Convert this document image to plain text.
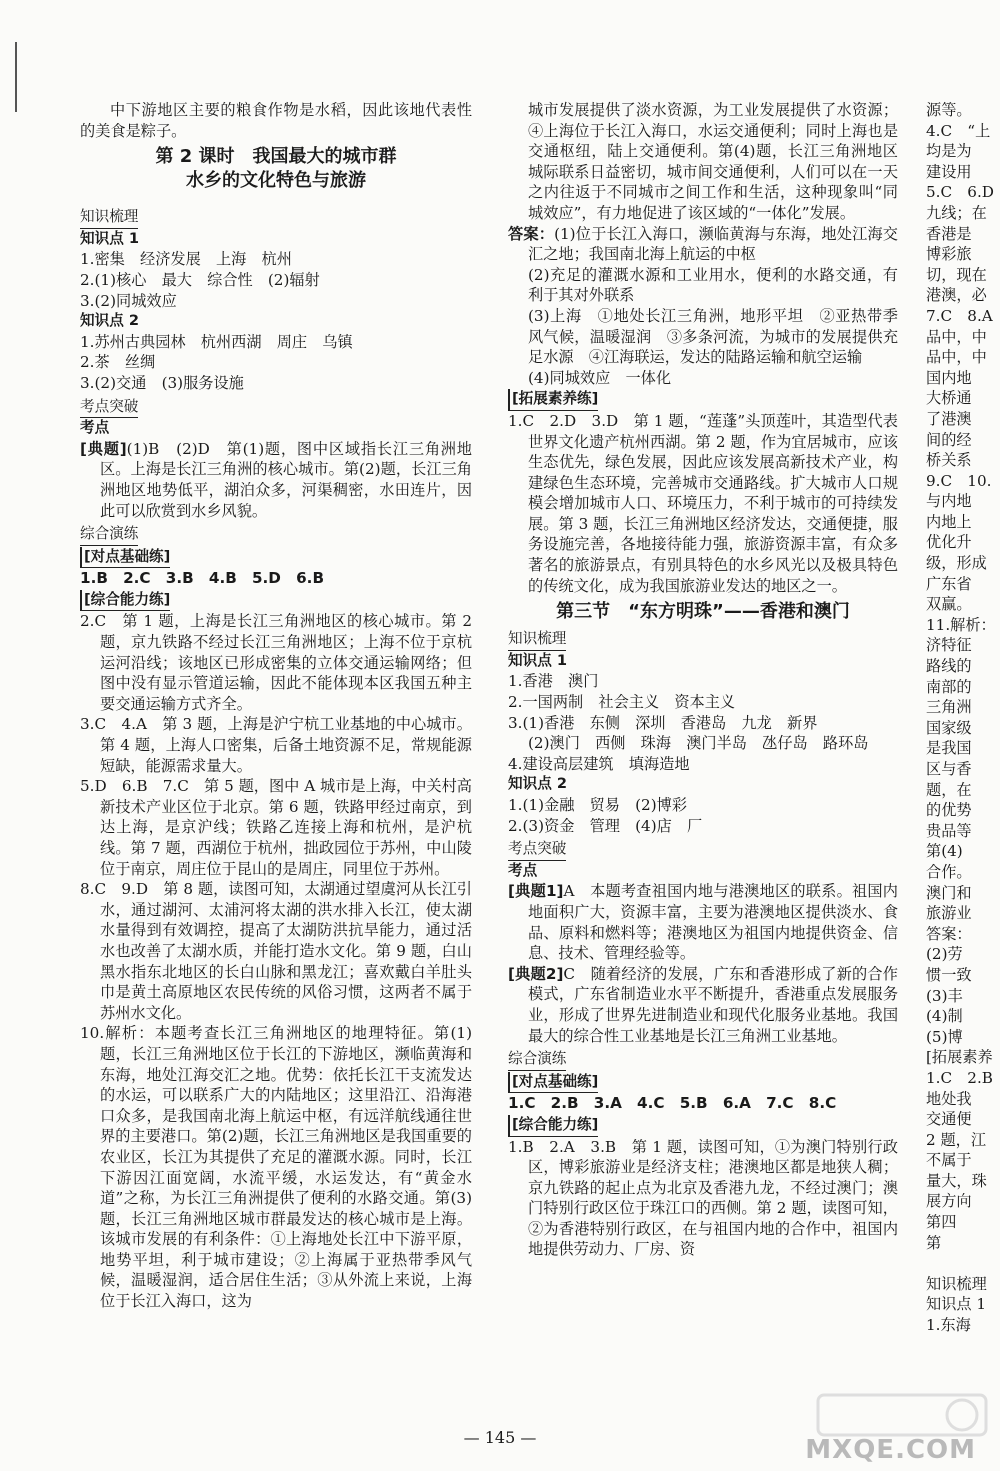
中下游地区主要的粮食作物是水稻，因此该地代表性的美食是粽子。

第 2 课时　我国最大的城市群
水乡的文化特色与旅游
知识梳理
知识点 1
1.密集　经济发展　上海　杭州
2.(1)核心　最大　综合性　(2)辐射
3.(2)同城效应
知识点 2
1.苏州古典园林　杭州西湖　周庄　乌镇
2.茶　丝绸
3.(2)交通　(3)服务设施
考点突破
考点

[典题](1)B　(2)D　第(1)题，图中区域指长江三角洲地区。上海是长江三角洲的核心城市。第(2)题，长江三角洲地区地势低平，湖泊众多，河渠稠密，水田连片，因此可以欣赏到水乡风貌。

综合演练
[对点基础练]
1.B　2.C　3.B　4.B　5.D　6.B
[综合能力练]

2.C　第 1 题，上海是长江三角洲地区的核心城市。第 2 题，京九铁路不经过长江三角洲地区；上海不位于京杭运河沿线；该地区已形成密集的立体交通运输网络；但图中没有显示管道运输，因此不能体现本区我国五种主要交通运输方式齐全。

3.C　4.A　第 3 题，上海是沪宁杭工业基地的中心城市。第 4 题，上海人口密集，后备土地资源不足，常规能源短缺，能源需求量大。

5.D　6.B　7.C　第 5 题，图中 A 城市是上海，中关村高新技术产业区位于北京。第 6 题，铁路甲经过南京，到达上海，是京沪线；铁路乙连接上海和杭州，是沪杭线。第 7 题，西湖位于杭州，拙政园位于苏州，中山陵位于南京，周庄位于昆山的是周庄，同里位于苏州。

8.C　9.D　第 8 题，读图可知，太湖通过望虞河从长江引水，通过湖河、太浦河将太湖的洪水排入长江，使太湖水量得到有效调控，提高了太湖防洪抗旱能力，通过活水也改善了太湖水质，并能打造水文化。第 9 题，白山黑水指东北地区的长白山脉和黑龙江；喜欢戴白羊肚头巾是黄土高原地区农民传统的风俗习惯，这两者不属于苏州水文化。

10.解析：本题考查长江三角洲地区的地理特征。第(1)题，长江三角洲地区位于长江的下游地区，濒临黄海和东海，地处江海交汇之地。优势：依托长江干支流发达的水运，可以联系广大的内陆地区；这里沿江、沿海港口众多，是我国南北海上航运中枢，有远洋航线通往世界的主要港口。第(2)题，长江三角洲地区是我国重要的农业区，长江为其提供了充足的灌溉水源。同时，长江下游因江面宽阔，水流平缓，水运发达，有“黄金水道”之称，为长江三角洲提供了便利的水路交通。第(3)题，长江三角洲地区城市群最发达的核心城市是上海。该城市发展的有利条件：①上海地处长江中下游平原，地势平坦，利于城市建设；②上海属于亚热带季风气候，温暖湿润，适合居住生活；③从外流上来说，上海位于长江入海口，这为

城市发展提供了淡水资源，为工业发展提供了水资源；④上海位于长江入海口，水运交通便利；同时上海也是交通枢纽，陆上交通便利。第(4)题，长江三角洲地区城际联系日益密切，城市间交通便利，人们可以在一天之内往返于不同城市之间工作和生活，这种现象叫“同城效应”，有力地促进了该区域的“一体化”发展。

答案：(1)位于长江入海口，濒临黄海与东海，地处江海交汇之地；我国南北海上航运的中枢

(2)充足的灌溉水源和工业用水，便利的水路交通，有利于其对外联系

(3)上海　①地处长江三角洲，地形平坦　②亚热带季风气候，温暖湿润　③多条河流，为城市的发展提供充足水源　④江海联运，发达的陆路运输和航空运输

(4)同城效应　一体化

[拓展素养练]

1.C　2.D　3.D　第 1 题，“莲蓬”头顶莲叶，其造型代表世界文化遗产杭州西湖。第 2 题，作为宜居城市，应该生态优先，绿色发展，因此应该发展高新技术产业，构建绿色生态环境，完善城市交通路线。扩大城市人口规模会增加城市人口、环境压力，不利于城市的可持续发展。第 3 题，长江三角洲地区经济发达，交通便捷，服务设施完善，各地接待能力强，旅游资源丰富，有众多著名的旅游景点，有别具特色的水乡风光以及极具特色的传统文化，成为我国旅游业发达的地区之一。

第三节　“东方明珠”——香港和澳门
知识梳理
知识点 1
1.香港　澳门
2.一国两制　社会主义　资本主义
3.(1)香港　东侧　深圳　香港岛　九龙　新界
(2)澳门　西侧　珠海　澳门半岛　氹仔岛　路环岛
4.建设高层建筑　填海造地
知识点 2
1.(1)金融　贸易　(2)博彩
2.(3)资金　管理　(4)店　厂
考点突破
考点

[典题1]A　本题考查祖国内地与港澳地区的联系。祖国内地面积广大，资源丰富，主要为港澳地区提供淡水、食品、原料和燃料等；港澳地区为祖国内地提供资金、信息、技术、管理经验等。

[典题2]C　随着经济的发展，广东和香港形成了新的合作模式，广东省制造业水平不断提升，香港重点发展服务业，形成了世界先进制造业和现代化服务业基地。我国最大的综合性工业基地是长江三角洲工业基地。

综合演练
[对点基础练]
1.C　2.B　3.A　4.C　5.B　6.A　7.C　8.C
[综合能力练]

1.B　2.A　3.B　第 1 题，读图可知，①为澳门特别行政区，博彩旅游业是经济支柱；港澳地区都是地狭人稠；京九铁路的起止点为北京及香港九龙，不经过澳门；澳门特别行政区位于珠江口的西侧。第 2 题，读图可知，②为香港特别行政区，在与祖国内地的合作中，祖国内地提供劳动力、厂房、资

源等。
4.C　“上
均是为
建设用
5.C　6.D
九线；在
香港是
博彩旅
切，现在
港澳，必
7.C　8.A
品中，中
品中，中
国内地
大桥通
了港澳
间的经
桥关系
9.C　10.
与内地
内地上
优化升
级，形成
广东省
双赢。
11.解析：
济特征
路线的
南部的
三角洲
国家级
是我国
区与香
题，在
的优势
贵品等
第(4)
合作。
澳门和
旅游业
答案：
(2)劳
惯一致
(3)丰
(4)制
(5)博
[拓展素养
1.C　2.B
地处我
交通便
2 题，江
不属于
量大，珠
展方向
第四
第
知识梳理
知识点 1
1.东海
— 145 —	MXQE.COM
